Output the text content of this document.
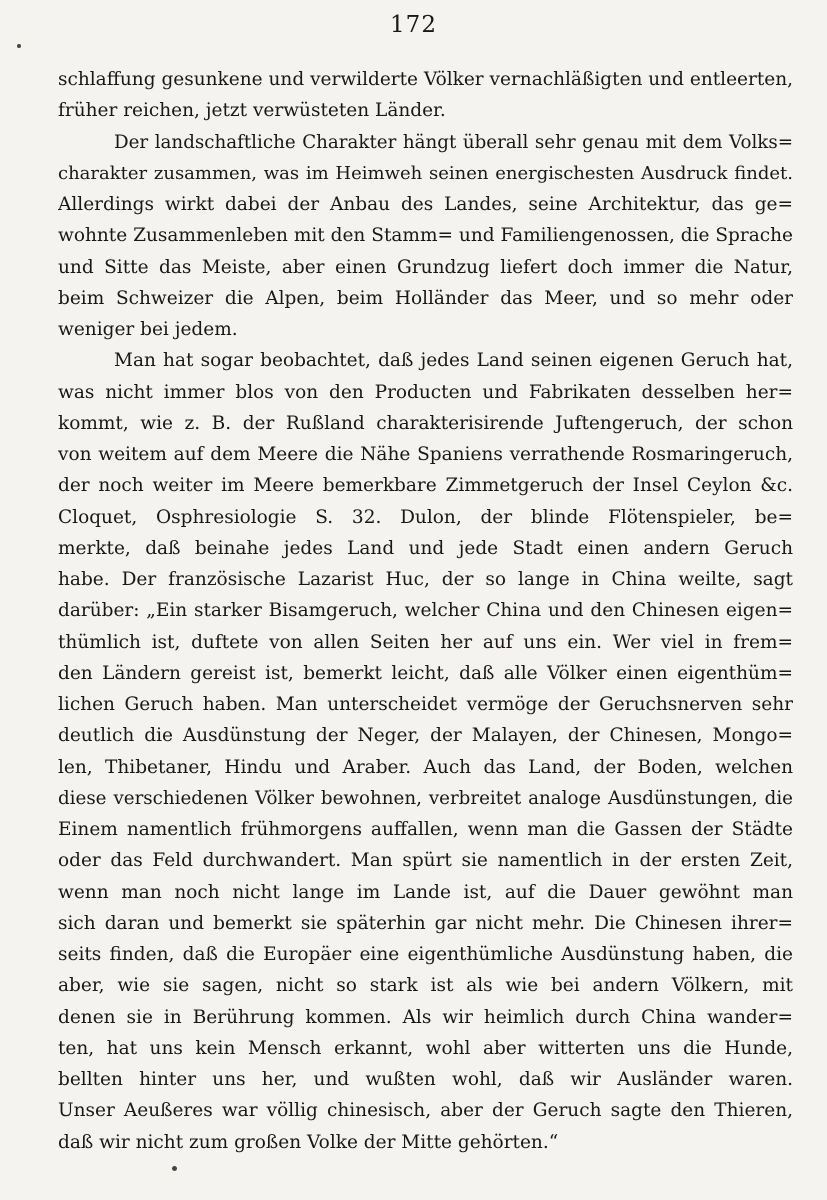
172
schlaffung gesunkene und verwilderte Völker vernachläßigten und entleerten,
früher reichen, jetzt verwüsteten Länder.
Der landschaftliche Charakter hängt überall sehr genau mit dem Volks=
charakter zusammen, was im Heimweh seinen energischesten Ausdruck findet.
Allerdings wirkt dabei der Anbau des Landes, seine Architektur, das ge=
wohnte Zusammenleben mit den Stamm= und Familiengenossen, die Sprache
und Sitte das Meiste, aber einen Grundzug liefert doch immer die Natur,
beim Schweizer die Alpen, beim Holländer das Meer, und so mehr oder
weniger bei jedem.
Man hat sogar beobachtet, daß jedes Land seinen eigenen Geruch hat,
was nicht immer blos von den Producten und Fabrikaten desselben her=
kommt, wie z. B. der Rußland charakterisirende Juftengeruch, der schon
von weitem auf dem Meere die Nähe Spaniens verrathende Rosmaringeruch,
der noch weiter im Meere bemerkbare Zimmetgeruch der Insel Ceylon &c.
Cloquet, Osphresiologie S. 32. Dulon, der blinde Flötenspieler, be=
merkte, daß beinahe jedes Land und jede Stadt einen andern Geruch
habe. Der französische Lazarist Huc, der so lange in China weilte, sagt
darüber: „Ein starker Bisamgeruch, welcher China und den Chinesen eigen=
thümlich ist, duftete von allen Seiten her auf uns ein. Wer viel in frem=
den Ländern gereist ist, bemerkt leicht, daß alle Völker einen eigenthüm=
lichen Geruch haben. Man unterscheidet vermöge der Geruchsnerven sehr
deutlich die Ausdünstung der Neger, der Malayen, der Chinesen, Mongo=
len, Thibetaner, Hindu und Araber. Auch das Land, der Boden, welchen
diese verschiedenen Völker bewohnen, verbreitet analoge Ausdünstungen, die
Einem namentlich frühmorgens auffallen, wenn man die Gassen der Städte
oder das Feld durchwandert. Man spürt sie namentlich in der ersten Zeit,
wenn man noch nicht lange im Lande ist, auf die Dauer gewöhnt man
sich daran und bemerkt sie späterhin gar nicht mehr. Die Chinesen ihrer=
seits finden, daß die Europäer eine eigenthümliche Ausdünstung haben, die
aber, wie sie sagen, nicht so stark ist als wie bei andern Völkern, mit
denen sie in Berührung kommen. Als wir heimlich durch China wander=
ten, hat uns kein Mensch erkannt, wohl aber witterten uns die Hunde,
bellten hinter uns her, und wußten wohl, daß wir Ausländer waren.
Unser Aeußeres war völlig chinesisch, aber der Geruch sagte den Thieren,
daß wir nicht zum großen Volke der Mitte gehörten.“
